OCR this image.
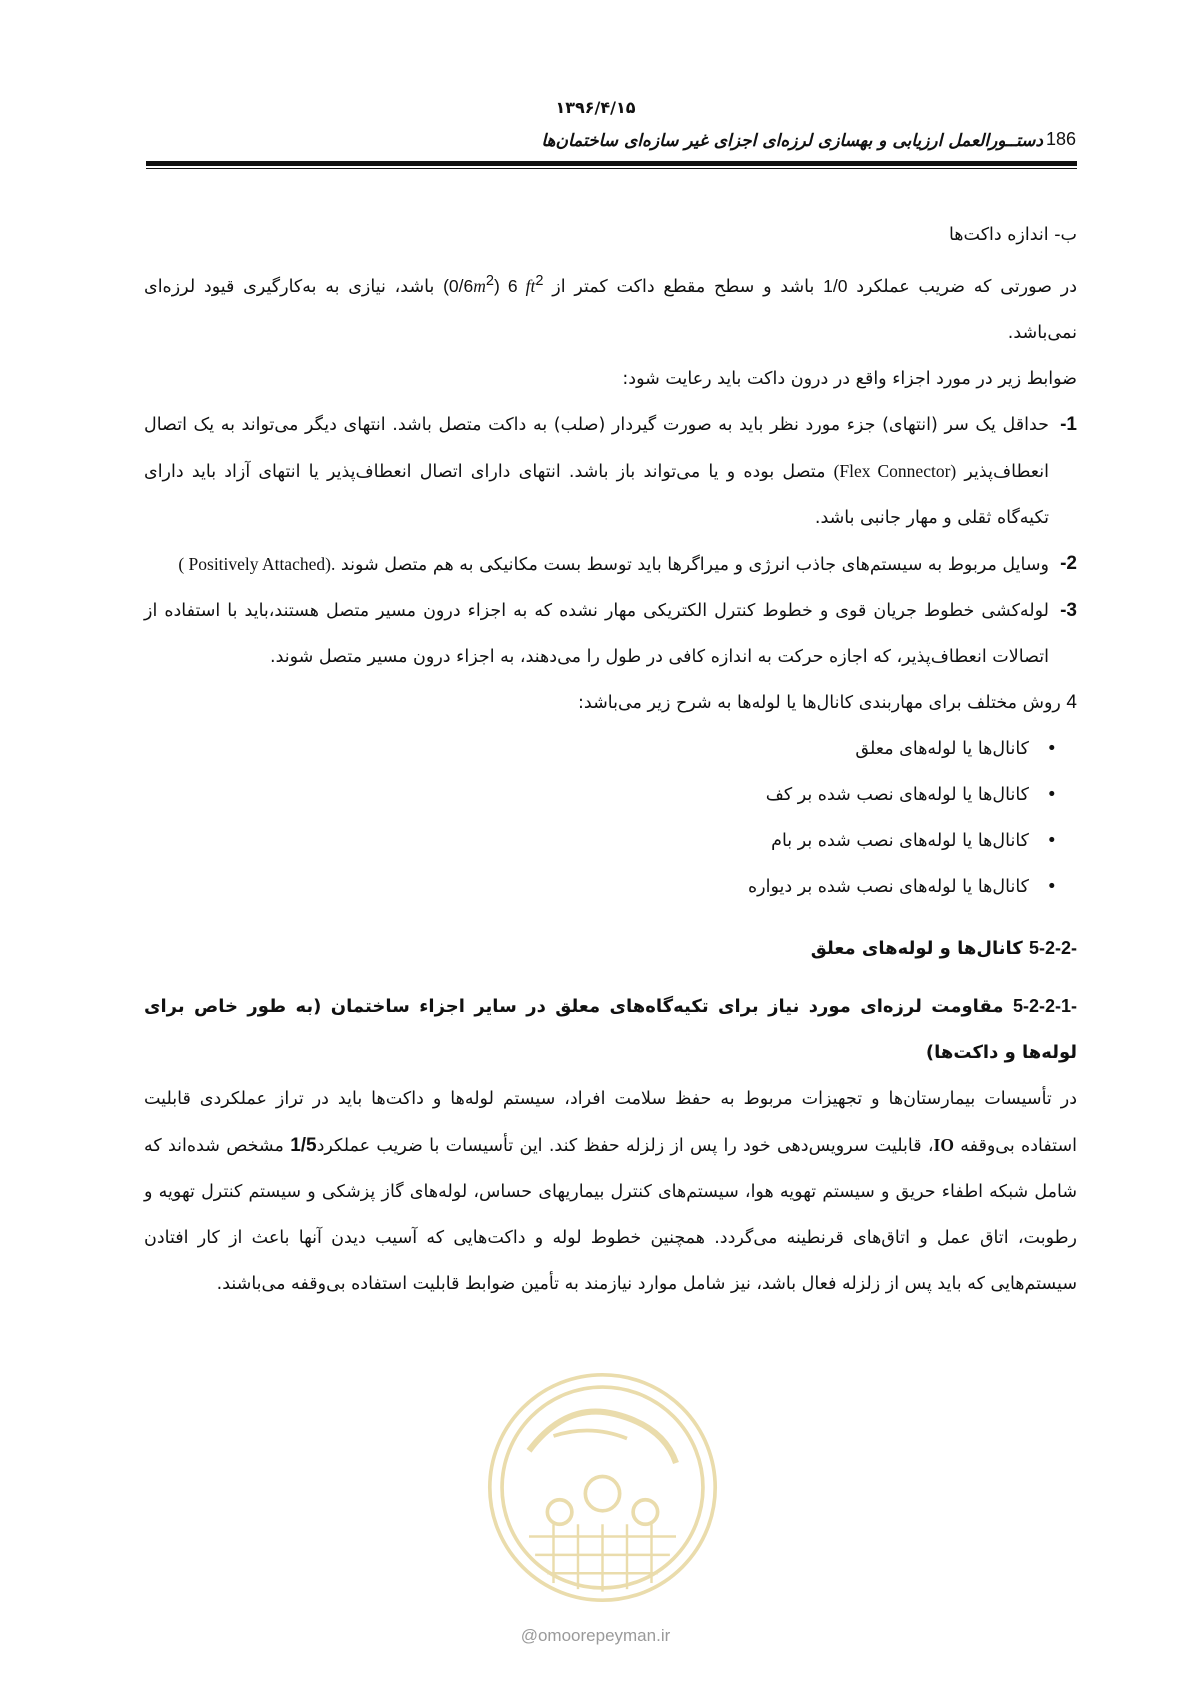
۱۳۹۶/۴/۱۵
دستــورالعمل ارزیابی و بهسازی لرزه‌ای اجزای غیر سازه‌ای ساختمان‌ها 186

ب- اندازه داکت‌ها

در صورتی که ضریب عملکرد 1/0 باشد و سطح مقطع داکت کمتر از $(0/6m^2)$ 6 $ft^2$ باشد، نیازی به به‌کارگیری قیود لرزه‌ای نمی‌باشد.

ضوابط زیر در مورد اجزاء واقع در درون داکت باید رعایت شود:

1-
حداقل یک سر (انتهای) جزء مورد نظر باید به صورت گیردار (صلب) به داکت متصل باشد. انتهای دیگر می‌تواند به یک اتصال انعطاف‌پذیر (Flex Connector) متصل بوده و یا می‌تواند باز باشد. انتهای دارای اتصال انعطاف‌پذیر یا انتهای آزاد باید دارای تکیه‌گاه ثقلی و مهار جانبی باشد.
2-
وسایل مربوط به سیستم‌های جاذب انرژی و میراگرها باید توسط بست مکانیکی به هم متصل شوند ( Positively Attached).
3-
لوله‌کشی خطوط جریان قوی و خطوط کنترل الکتریکی مهار نشده که به اجزاء درون مسیر متصل هستند،باید با استفاده از اتصالات انعطاف‌پذیر، که اجازه حرکت به اندازه کافی در طول را می‌دهند، به اجزاء درون مسیر متصل شوند.

4 روش مختلف برای مهاربندی کانال‌ها یا لوله‌ها به شرح زیر می‌باشد:

• کانال‌ها یا لوله‌های معلق
• کانال‌ها یا لوله‌های نصب شده بر کف
• کانال‌ها یا لوله‌های نصب شده بر بام
• کانال‌ها یا لوله‌های نصب شده بر دیواره
5-2-2- کانال‌ها و لوله‌های معلق
5-2-2-1- مقاومت لرزه‌ای مورد نیاز برای تکیه‌گاه‌های معلق در سایر اجزاء ساختمان (به طور خاص برای لوله‌ها و داکت‌ها)

در تأسیسات بیمارستان‌ها و تجهیزات مربوط به حفظ سلامت افراد، سیستم لوله‌ها و داکت‌ها باید در تراز عملکردی قابلیت استفاده بی‌وقفه IO، قابلیت سرویس‌دهی خود را پس از زلزله حفظ کند. این تأسیسات با ضریب عملکرد1/5 مشخص شده‌اند که شامل شبکه اطفاء حریق و سیستم تهویه هوا، سیستم‌های کنترل بیماریهای حساس، لوله‌های گاز پزشکی و سیستم کنترل تهویه و رطوبت، اتاق عمل و اتاق‌های قرنطینه می‌گردد. همچنین خطوط لوله و داکت‌هایی که آسیب دیدن آنها باعث از کار افتادن سیستم‌هایی که باید پس از زلزله فعال باشد، نیز شامل موارد نیازمند به تأمین ضوابط قابلیت استفاده بی‌وقفه می‌باشند.

@omoorepeyman.ir
